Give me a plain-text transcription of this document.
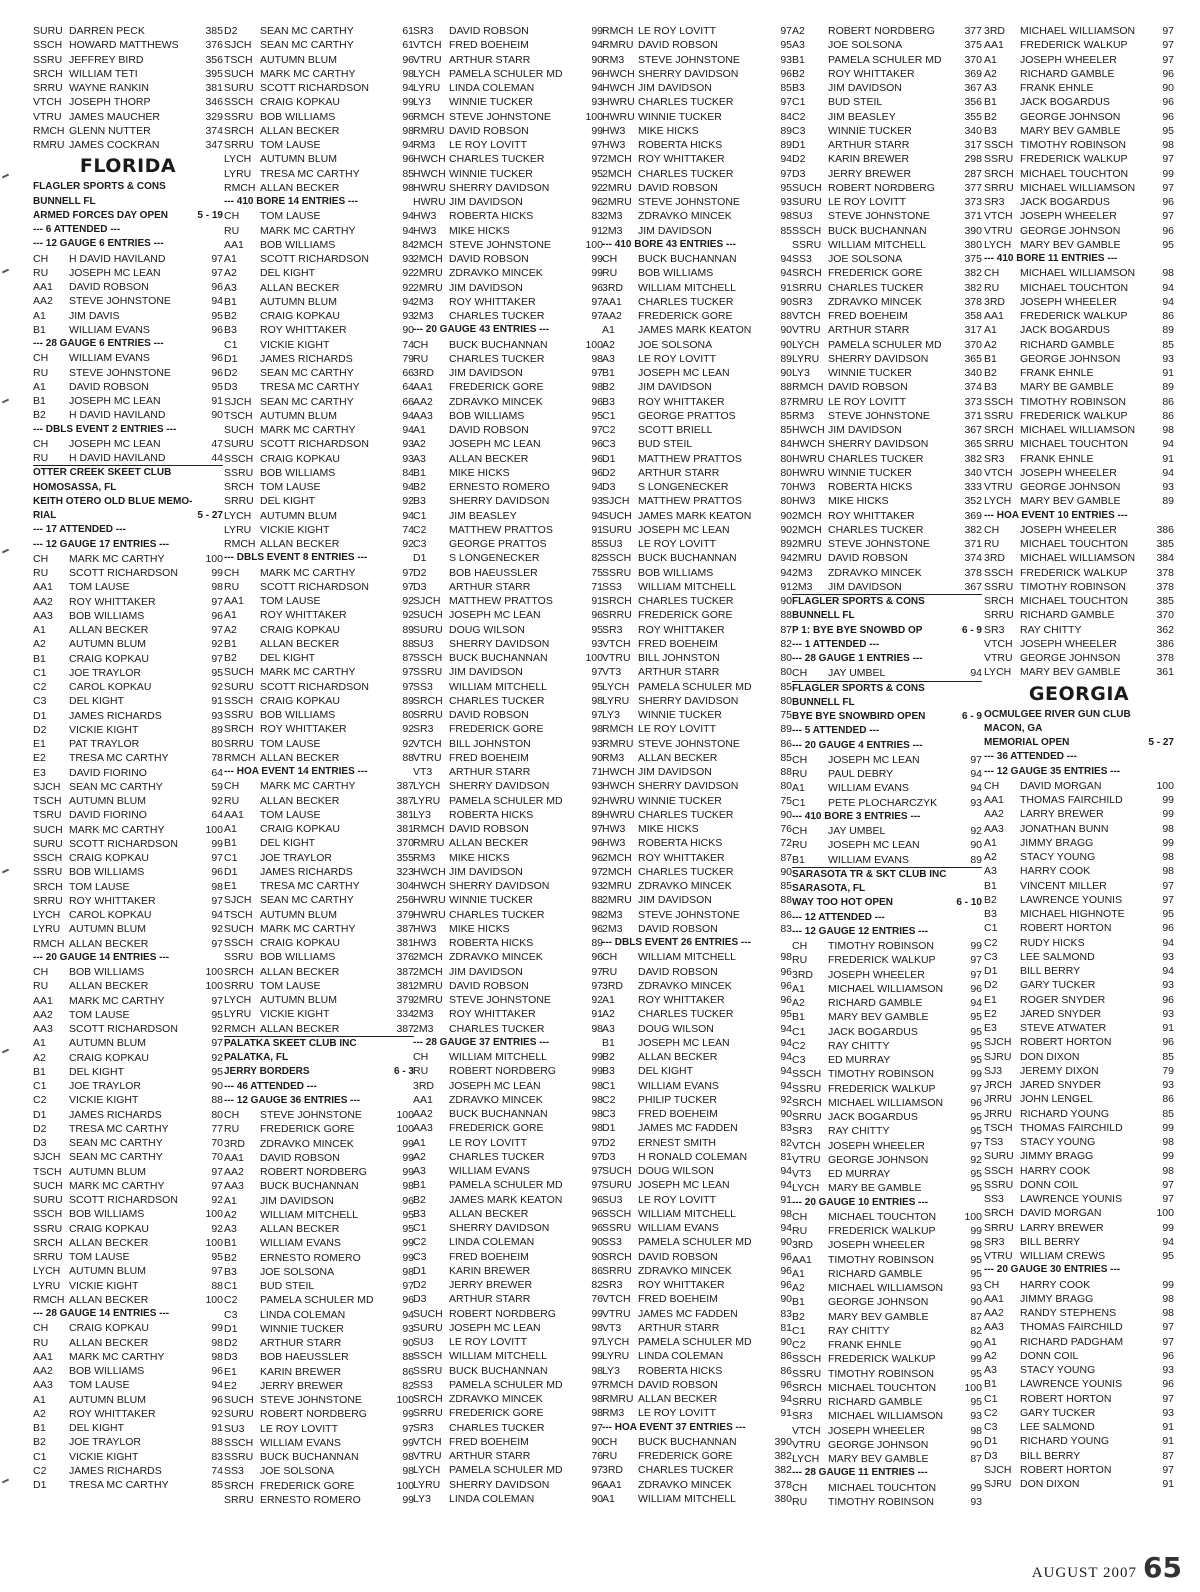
SURU DARREN PECK	385
SSCH HOWARD MATTHEWS	376
SSRU JEFFREY BIRD	356
SRCH WILLIAM TETI	395
SRRU WAYNE RANKIN	381
VTCH JOSEPH THORP	346
VTRU JAMES MAUCHER	329
RMCH GLENN NUTTER	374
RMRU JAMES COCKRAN	347
FLORIDA
FLAGLER SPORTS & CONS
BUNNELL FL
ARMED FORCES DAY OPEN	5 - 19
--- 6 ATTENDED ---
--- 12 GAUGE 6 ENTRIES ---
CH	H DAVID HAVILAND	97
RU	JOSEPH MC LEAN	97
AA1	DAVID ROBSON	96
AA2	STEVE JOHNSTONE	94
A1	JIM DAVIS	95
B1	WILLIAM EVANS	96
--- 28 GAUGE 6 ENTRIES ---
CH	WILLIAM EVANS	96
RU	STEVE JOHNSTONE	96
A1	DAVID ROBSON	95
B1	JOSEPH MC LEAN	91
B2	H DAVID HAVILAND	90
--- DBLS EVENT 2 ENTRIES ---
CH	JOSEPH MC LEAN	47
RU	H DAVID HAVILAND	44
OTTER CREEK SKEET CLUB
HOMOSASSA, FL
KEITH OTERO OLD BLUE MEMO-
RIAL	5 - 27
--- 17 ATTENDED ---
--- 12 GAUGE 17 ENTRIES ---
CH	MARK MC CARTHY	100
RU	SCOTT RICHARDSON	99
AA1	TOM LAUSE	98
AA2	ROY WHITTAKER	97
AA3	BOB WILLIAMS	96
A1	ALLAN BECKER	97
A2	AUTUMN BLUM	92
B1	CRAIG KOPKAU	97
C1	JOE TRAYLOR	95
C2	CAROL KOPKAU	92
C3	DEL KIGHT	91
D1	JAMES RICHARDS	93
D2	VICKIE KIGHT	89
E1	PAT TRAYLOR	80
E2	TRESA MC CARTHY	78
E3	DAVID FIORINO	64
SJCH SEAN MC CARTHY	59
TSCH AUTUMN BLUM	92
TSRU DAVID FIORINO	64
SUCH MARK MC CARTHY	100
SURU SCOTT RICHARDSON	99
SSCH CRAIG KOPKAU	97
SSRU BOB WILLIAMS	96
SRCH TOM LAUSE	98
SRRU ROY WHITTAKER	97
LYCH CAROL KOPKAU	94
LYRU AUTUMN BLUM	92
RMCH ALLAN BECKER	97
--- 20 GAUGE 14 ENTRIES ---
CH	BOB WILLIAMS	100
RU	ALLAN BECKER	100
AA1	MARK MC CARTHY	97
AA2	TOM LAUSE	95
AA3	SCOTT RICHARDSON	92
A1	AUTUMN BLUM	97
A2	CRAIG KOPKAU	92
B1	DEL KIGHT	95
C1	JOE TRAYLOR	90
C2	VICKIE KIGHT	88
D1	JAMES RICHARDS	80
D2	TRESA MC CARTHY	77
D3	SEAN MC CARTHY	70
SJCH SEAN MC CARTHY	70
TSCH AUTUMN BLUM	97
SUCH MARK MC CARTHY	97
SURU SCOTT RICHARDSON	92
SSCH BOB WILLIAMS	100
SSRU CRAIG KOPKAU	92
SRCH ALLAN BECKER	100
SRRU TOM LAUSE	95
LYCH AUTUMN BLUM	97
LYRU VICKIE KIGHT	88
RMCH ALLAN BECKER	100
--- 28 GAUGE 14 ENTRIES ---
CH	CRAIG KOPKAU	99
RU	ALLAN BECKER	98
AA1	MARK MC CARTHY	98
AA2	BOB WILLIAMS	96
AA3	TOM LAUSE	94
A1	AUTUMN BLUM	96
A2	ROY WHITTAKER	92
B1	DEL KIGHT	91
B2	JOE TRAYLOR	88
C1	VICKIE KIGHT	83
C2	JAMES RICHARDS	74
D1	TRESA MC CARTHY	85
D2	SEAN MC CARTHY	61
SJCH SEAN MC CARTHY	61
TSCH AUTUMN BLUM	96
SUCH MARK MC CARTHY	98
SURU SCOTT RICHARDSON	94
SSCH CRAIG KOPKAU	99
SSRU BOB WILLIAMS	96
SRCH ALLAN BECKER	98
SRRU TOM LAUSE	94
LYCH AUTUMN BLUM	96
LYRU TRESA MC CARTHY	85
RMCH ALLAN BECKER	98
--- 410 BORE 14 ENTRIES ---
CH	TOM LAUSE	94
RU	MARK MC CARTHY	94
AA1	BOB WILLIAMS	84
A1	SCOTT RICHARDSON	93
A2	DEL KIGHT	92
A3	ALLAN BECKER	92
B1	AUTUMN BLUM	94
B2	CRAIG KOPKAU	93
B3	ROY WHITTAKER	90
C1	VICKIE KIGHT	74
D1	JAMES RICHARDS	79
D2	SEAN MC CARTHY	66
D3	TRESA MC CARTHY	64
SJCH SEAN MC CARTHY	66
TSCH AUTUMN BLUM	94
SUCH MARK MC CARTHY	94
SURU SCOTT RICHARDSON	93
SSCH CRAIG KOPKAU	93
SSRU BOB WILLIAMS	84
SRCH TOM LAUSE	94
SRRU DEL KIGHT	92
LYCH AUTUMN BLUM	94
LYRU VICKIE KIGHT	74
RMCH ALLAN BECKER	92
--- DBLS EVENT 8 ENTRIES ---
CH	MARK MC CARTHY	97
RU	SCOTT RICHARDSON	97
AA1	TOM LAUSE	92
A1	ROY WHITTAKER	92
A2	CRAIG KOPKAU	89
B1	ALLAN BECKER	88
B2	DEL KIGHT	87
SUCH MARK MC CARTHY	97
SURU SCOTT RICHARDSON	97
SSCH CRAIG KOPKAU	89
SSRU BOB WILLIAMS	80
SRCH ROY WHITTAKER	92
SRRU TOM LAUSE	92
RMCH ALLAN BECKER	88
--- HOA EVENT 14 ENTRIES ---
CH	MARK MC CARTHY	387
RU	ALLAN BECKER	387
AA1	TOM LAUSE	381
A1	CRAIG KOPKAU	381
B1	DEL KIGHT	370
C1	JOE TRAYLOR	355
D1	JAMES RICHARDS	323
E1	TRESA MC CARTHY	304
SJCH SEAN MC CARTHY	256
TSCH AUTUMN BLUM	379
SUCH MARK MC CARTHY	387
SSCH CRAIG KOPKAU	381
SSRU BOB WILLIAMS	376
SRCH ALLAN BECKER	387
SRRU TOM LAUSE	381
LYCH AUTUMN BLUM	379
LYRU VICKIE KIGHT	334
RMCH ALLAN BECKER	387
PALATKA SKEET CLUB INC
PALATKA, FL
JERRY BORDERS	6 - 3
--- 46 ATTENDED ---
--- 12 GAUGE 36 ENTRIES ---
CH	STEVE JOHNSTONE	100
RU	FREDERICK GORE	100
3RD	ZDRAVKO MINCEK	99
AA1	DAVID ROBSON	99
AA2	ROBERT NORDBERG	99
AA3	BUCK BUCHANNAN	98
A1	JIM DAVIDSON	96
A2	WILLIAM MITCHELL	95
A3	ALLAN BECKER	95
B1	WILLIAM EVANS	99
B2	ERNESTO ROMERO	99
B3	JOE SOLSONA	98
C1	BUD STEIL	97
C2	PAMELA SCHULER MD	96
C3	LINDA COLEMAN	94
D1	WINNIE TUCKER	93
D2	ARTHUR STARR	90
D3	BOB HAEUSSLER	88
E1	KARIN BREWER	86
E2	JERRY BREWER	82
SUCH STEVE JOHNSTONE	100
SURU ROBERT NORDBERG	99
SU3	LE ROY LOVITT	97
SSCH WILLIAM EVANS	99
SSRU BUCK BUCHANNAN	98
SS3	JOE SOLSONA	98
SRCH FREDERICK GORE	100
SRRU ERNESTO ROMERO	99
SR3	DAVID ROBSON	99
VTCH FRED BOEHEIM	94
VTRU ARTHUR STARR	90
LYCH PAMELA SCHULER MD	96
LYRU LINDA COLEMAN	94
LY3	WINNIE TUCKER	93
RMCH STEVE JOHNSTONE	100
RMRU DAVID ROBSON	99
RM3	LE ROY LOVITT	97
HWCH CHARLES TUCKER	97
HWCH WINNIE TUCKER	95
HWRU SHERRY DAVIDSON	92
HWRU JIM DAVIDSON	96
HW3	ROBERTA HICKS	83
HW3	MIKE HICKS	91
2MCH STEVE JOHNSTONE	100
2MCH DAVID ROBSON	99
2MRU ZDRAVKO MINCEK	99
2MRU JIM DAVIDSON	96
2M3	ROY WHITTAKER	97
2M3	CHARLES TUCKER	97
--- 20 GAUGE 43 ENTRIES ---
CH	BUCK BUCHANNAN	100
RU	CHARLES TUCKER	98
3RD	JIM DAVIDSON	97
AA1	FREDERICK GORE	98
AA2	ZDRAVKO MINCEK	96
AA3	BOB WILLIAMS	95
A1	DAVID ROBSON	97
A2	JOSEPH MC LEAN	96
A3	ALLAN BECKER	96
B1	MIKE HICKS	96
B2	ERNESTO ROMERO	94
B3	SHERRY DAVIDSON	93
C1	JIM BEASLEY	94
C2	MATTHEW PRATTOS	91
C3	GEORGE PRATTOS	85
D1	S LONGENECKER	82
D2	BOB HAEUSSLER	75
D3	ARTHUR STARR	71
SJCH MATTHEW PRATTOS	91
SUCH JOSEPH MC LEAN	96
SURU DOUG WILSON	95
SU3	SHERRY DAVIDSON	93
SSCH BUCK BUCHANNAN	100
SSRU JIM DAVIDSON	97
SS3	WILLIAM MITCHELL	95
SRCH CHARLES TUCKER	98
SRRU DAVID ROBSON	97
SR3	FREDERICK GORE	98
VTCH BILL JOHNSTON	93
VTRU FRED BOEHEIM	90
VT3	ARTHUR STARR	71
LYCH SHERRY DAVIDSON	93
LYRU PAMELA SCHULER MD	92
LY3	ROBERTA HICKS	89
RMCH DAVID ROBSON	97
RMRU ALLAN BECKER	96
RM3	MIKE HICKS	96
HWCH JIM DAVIDSON	97
HWCH SHERRY DAVIDSON	93
HWRU WINNIE TUCKER	88
HWRU CHARLES TUCKER	98
HW3	MIKE HICKS	96
HW3	ROBERTA HICKS	89
2MCH ZDRAVKO MINCEK	96
2MCH JIM DAVIDSON	97
2MRU DAVID ROBSON	97
2MRU STEVE JOHNSTONE	92
2M3	ROY WHITTAKER	91
2M3	CHARLES TUCKER	98
--- 28 GAUGE 37 ENTRIES ---
CH	WILLIAM MITCHELL	99
RU	ROBERT NORDBERG	99
3RD	JOSEPH MC LEAN	98
AA1	ZDRAVKO MINCEK	98
AA2	BUCK BUCHANNAN	98
AA3	FREDERICK GORE	98
A1	LE ROY LOVITT	97
A2	CHARLES TUCKER	97
A3	WILLIAM EVANS	97
B1	PAMELA SCHULER MD	97
B2	JAMES MARK KEATON	96
B3	ALLAN BECKER	96
C1	SHERRY DAVIDSON	96
C2	LINDA COLEMAN	90
C3	FRED BOEHEIM	90
D1	KARIN BREWER	86
D2	JERRY BREWER	82
D3	ARTHUR STARR	76
SUCH ROBERT NORDBERG	99
SURU JOSEPH MC LEAN	98
SU3	LE ROY LOVITT	97
SSCH WILLIAM MITCHELL	99
SSRU BUCK BUCHANNAN	98
SS3	PAMELA SCHULER MD	97
SRCH ZDRAVKO MINCEK	98
SRRU FREDERICK GORE	98
SR3	CHARLES TUCKER	97
VTCH FRED BOEHEIM	90
VTRU ARTHUR STARR	76
LYCH PAMELA SCHULER MD	97
LYRU SHERRY DAVIDSON	96
LY3	LINDA COLEMAN	90
RMCH LE ROY LOVITT	97
RMRU DAVID ROBSON	95
RM3	STEVE JOHNSTONE	93
HWCH SHERRY DAVIDSON	96
HWCH JIM DAVIDSON	85
HWRU CHARLES TUCKER	97
HWRU WINNIE TUCKER	84
HW3	MIKE HICKS	89
HW3	ROBERTA HICKS	89
2MCH ROY WHITTAKER	94
2MCH CHARLES TUCKER	97
2MRU DAVID ROBSON	95
2MRU STEVE JOHNSTONE	93
2M3	ZDRAVKO MINCEK	98
2M3	JIM DAVIDSON	85
--- 410 BORE 43 ENTRIES ---
CH	BUCK BUCHANNAN	94
RU	BOB WILLIAMS	94
3RD	WILLIAM MITCHELL	91
AA1	CHARLES TUCKER	90
AA2	FREDERICK GORE	88
A1	JAMES MARK KEATON	90
A2	JOE SOLSONA	90
A3	LE ROY LOVITT	89
B1	JOSEPH MC LEAN	90
B2	JIM DAVIDSON	88
B3	ROY WHITTAKER	87
C1	GEORGE PRATTOS	85
C2	SCOTT BRIELL	85
C3	BUD STEIL	84
D1	MATTHEW PRATTOS	80
D2	ARTHUR STARR	80
D3	S LONGENECKER	70
SJCH MATTHEW PRATTOS	80
SUCH JAMES MARK KEATON	90
SURU JOSEPH MC LEAN	90
SU3	LE ROY LOVITT	89
SSCH BUCK BUCHANNAN	94
SSRU BOB WILLIAMS	94
SS3	WILLIAM MITCHELL	91
SRCH CHARLES TUCKER	90
SRRU FREDERICK GORE	88
SR3	ROY WHITTAKER	87
VTCH FRED BOEHEIM	82
VTRU BILL JOHNSTON	80
VT3	ARTHUR STARR	80
LYCH PAMELA SCHULER MD	85
LYRU SHERRY DAVIDSON	80
LY3	WINNIE TUCKER	75
RMCH LE ROY LOVITT	89
RMRU STEVE JOHNSTONE	86
RM3	ALLAN BECKER	85
HWCH JIM DAVIDSON	88
HWCH SHERRY DAVIDSON	80
HWRU WINNIE TUCKER	75
HWRU CHARLES TUCKER	90
HW3	MIKE HICKS	76
HW3	ROBERTA HICKS	72
2MCH ROY WHITTAKER	87
2MCH CHARLES TUCKER	90
2MRU ZDRAVKO MINCEK	85
2MRU JIM DAVIDSON	88
2M3	STEVE JOHNSTONE	86
2M3	DAVID ROBSON	83
--- DBLS EVENT 26 ENTRIES ---
CH	WILLIAM MITCHELL	98
RU	DAVID ROBSON	96
3RD	ZDRAVKO MINCEK	96
A1	ROY WHITTAKER	96
A2	CHARLES TUCKER	95
A3	DOUG WILSON	94
B1	JOSEPH MC LEAN	94
B2	ALLAN BECKER	94
B3	DEL KIGHT	94
C1	WILLIAM EVANS	94
C2	PHILIP TUCKER	92
C3	FRED BOEHEIM	90
D1	JAMES MC FADDEN	83
D2	ERNEST SMITH	82
D3	H RONALD COLEMAN	81
SUCH DOUG WILSON	94
SURU JOSEPH MC LEAN	94
SU3	LE ROY LOVITT	91
SSCH WILLIAM MITCHELL	98
SSRU WILLIAM EVANS	94
SS3	PAMELA SCHULER MD	90
SRCH DAVID ROBSON	96
SRRU ZDRAVKO MINCEK	96
SR3	ROY WHITTAKER	96
VTCH FRED BOEHEIM	90
VTRU JAMES MC FADDEN	83
VT3	ARTHUR STARR	81
LYCH PAMELA SCHULER MD	90
LYRU LINDA COLEMAN	86
LY3	ROBERTA HICKS	86
RMCH DAVID ROBSON	96
RMRU ALLAN BECKER	94
RM3	LE ROY LOVITT	91
--- HOA EVENT 37 ENTRIES ---
CH	BUCK BUCHANNAN	390
RU	FREDERICK GORE	382
3RD	CHARLES TUCKER	382
AA1	ZDRAVKO MINCEK	378
A1	WILLIAM MITCHELL	380
A2	ROBERT NORDBERG	377
A3	JOE SOLSONA	375
B1	PAMELA SCHULER MD	370
B2	ROY WHITTAKER	369
B3	JIM DAVIDSON	367
C1	BUD STEIL	356
C2	JIM BEASLEY	355
C3	WINNIE TUCKER	340
D1	ARTHUR STARR	317
D2	KARIN BREWER	298
D3	JERRY BREWER	287
SUCH ROBERT NORDBERG	377
SURU LE ROY LOVITT	373
SU3	STEVE JOHNSTONE	371
SSCH BUCK BUCHANNAN	390
SSRU WILLIAM MITCHELL	380
SS3	JOE SOLSONA	375
SRCH FREDERICK GORE	382
SRRU CHARLES TUCKER	382
SR3	ZDRAVKO MINCEK	378
VTCH FRED BOEHEIM	358
VTRU ARTHUR STARR	317
LYCH PAMELA SCHULER MD	370
LYRU SHERRY DAVIDSON	365
LY3	WINNIE TUCKER	340
RMCH DAVID ROBSON	374
RMRU LE ROY LOVITT	373
RM3	STEVE JOHNSTONE	371
HWCH JIM DAVIDSON	367
HWCH SHERRY DAVIDSON	365
HWRU CHARLES TUCKER	382
HWRU WINNIE TUCKER	340
HW3	ROBERTA HICKS	333
HW3	MIKE HICKS	352
2MCH ROY WHITTAKER	369
2MCH CHARLES TUCKER	382
2MRU STEVE JOHNSTONE	371
2MRU DAVID ROBSON	374
2M3	ZDRAVKO MINCEK	378
2M3	JIM DAVIDSON	367
FLAGLER SPORTS & CONS
BUNNELL FL
P 1: BYE BYE SNOWBD OP	6 - 9
--- 1 ATTENDED ---
--- 28 GAUGE 1 ENTRIES ---
CH	JAY UMBEL	94
FLAGLER SPORTS & CONS
BUNNELL FL
BYE BYE SNOWBIRD OPEN	6 - 9
--- 5 ATTENDED ---
--- 20 GAUGE 4 ENTRIES ---
CH	JOSEPH MC LEAN	97
RU	PAUL DEBRY	94
A1	WILLIAM EVANS	94
C1	PETE PLOCHARCZYK	93
--- 410 BORE 3 ENTRIES ---
CH	JAY UMBEL	92
RU	JOSEPH MC LEAN	90
B1	WILLIAM EVANS	89
SARASOTA TR & SKT CLUB INC
SARASOTA, FL
WAY TOO HOT OPEN	6 - 10
--- 12 ATTENDED ---
--- 12 GAUGE 12 ENTRIES ---
CH	TIMOTHY ROBINSON	99
RU	FREDERICK WALKUP	97
3RD	JOSEPH WHEELER	97
A1	MICHAEL WILLIAMSON	96
A2	RICHARD GAMBLE	94
B1	MARY BEV GAMBLE	95
C1	JACK BOGARDUS	95
C2	RAY CHITTY	95
C3	ED MURRAY	95
SSCH TIMOTHY ROBINSON	99
SSRU FREDERICK WALKUP	97
SRCH MICHAEL WILLIAMSON	96
SRRU JACK BOGARDUS	95
SR3	RAY CHITTY	95
VTCH JOSEPH WHEELER	97
VTRU GEORGE JOHNSON	92
VT3	ED MURRAY	95
LYCH MARY BE GAMBLE	95
--- 20 GAUGE 10 ENTRIES ---
CH	MICHAEL TOUCHTON	100
RU	FREDERICK WALKUP	99
3RD	JOSEPH WHEELER	98
AA1	TIMOTHY ROBINSON	95
A1	RICHARD GAMBLE	95
A2	MICHAEL WILLIAMSON	93
B1	GEORGE JOHNSON	90
B2	MARY BEV GAMBLE	87
C1	RAY CHITTY	82
C2	FRANK EHNLE	90
SSCH FREDERICK WALKUP	99
SSRU TIMOTHY ROBINSON	95
SRCH MICHAEL TOUCHTON	100
SRRU RICHARD GAMBLE	95
SR3	MICHAEL WILLIAMSON	93
VTCH JOSEPH WHEELER	98
VTRU GEORGE JOHNSON	90
LYCH MARY BEV GAMBLE	87
--- 28 GAUGE 11 ENTRIES ---
CH	MICHAEL TOUCHTON	99
RU	TIMOTHY ROBINSON	93
3RD	MICHAEL WILLIAMSON	97
AA1	FREDERICK WALKUP	97
A1	JOSEPH WHEELER	97
A2	RICHARD GAMBLE	96
A3	FRANK EHNLE	90
B1	JACK BOGARDUS	96
B2	GEORGE JOHNSON	96
B3	MARY BEV GAMBLE	95
SSCH TIMOTHY ROBINSON	98
SSRU FREDERICK WALKUP	97
SRCH MICHAEL TOUCHTON	99
SRRU MICHAEL WILLIAMSON	97
SR3	JACK BOGARDUS	96
VTCH JOSEPH WHEELER	97
VTRU GEORGE JOHNSON	96
LYCH MARY BEV GAMBLE	95
--- 410 BORE 11 ENTRIES ---
CH	MICHAEL WILLIAMSON	98
RU	MICHAEL TOUCHTON	94
3RD	JOSEPH WHEELER	94
AA1	FREDERICK WALKUP	86
A1	JACK BOGARDUS	89
A2	RICHARD GAMBLE	85
B1	GEORGE JOHNSON	93
B2	FRANK EHNLE	91
B3	MARY BE GAMBLE	89
SSCH TIMOTHY ROBINSON	86
SSRU FREDERICK WALKUP	86
SRCH MICHAEL WILLIAMSON	98
SRRU MICHAEL TOUCHTON	94
SR3	FRANK EHNLE	91
VTCH JOSEPH WHEELER	94
VTRU GEORGE JOHNSON	93
LYCH MARY BEV GAMBLE	89
--- HOA EVENT 10 ENTRIES ---
CH	JOSEPH WHEELER	386
RU	MICHAEL TOUCHTON	385
3RD	MICHAEL WILLIAMSON	384
SSCH FREDERICK WALKUP	378
SSRU TIMOTHY ROBINSON	378
SRCH MICHAEL TOUCHTON	385
SRRU RICHARD GAMBLE	370
SR3	RAY CHITTY	362
VTCH JOSEPH WHEELER	386
VTRU GEORGE JOHNSON	378
LYCH MARY BEV GAMBLE	361
GEORGIA
OCMULGEE RIVER GUN CLUB
MACON, GA
MEMORIAL OPEN	5 - 27
--- 36 ATTENDED ---
--- 12 GAUGE 35 ENTRIES ---
CH	DAVID MORGAN	100
AA1	THOMAS FAIRCHILD	99
AA2	LARRY BREWER	99
AA3	JONATHAN BUNN	98
A1	JIMMY BRAGG	99
A2	STACY YOUNG	98
A3	HARRY COOK	98
B1	VINCENT MILLER	97
B2	LAWRENCE YOUNIS	97
B3	MICHAEL HIGHNOTE	95
C1	ROBERT HORTON	96
C2	RUDY HICKS	94
C3	LEE SALMOND	93
D1	BILL BERRY	94
D2	GARY TUCKER	93
E1	ROGER SNYDER	96
E2	JARED SNYDER	93
E3	STEVE ATWATER	91
SJCH ROBERT HORTON	96
SJRU DON DIXON	85
SJ3	JEREMY DIXON	79
JRCH JARED SNYDER	93
JRRU JOHN LENGEL	86
JRRU RICHARD YOUNG	85
TSCH THOMAS FAIRCHILD	99
TS3	STACY YOUNG	98
SURU JIMMY BRAGG	99
SSCH HARRY COOK	98
SSRU DONN COIL	97
SS3	LAWRENCE YOUNIS	97
SRCH DAVID MORGAN	100
SRRU LARRY BREWER	99
SR3	BILL BERRY	94
VTRU WILLIAM CREWS	95
--- 20 GAUGE 30 ENTRIES ---
CH	HARRY COOK	99
AA1	JIMMY BRAGG	98
AA2	RANDY STEPHENS	98
AA3	THOMAS FAIRCHILD	97
A1	RICHARD PADGHAM	97
A2	DONN COIL	96
A3	STACY YOUNG	93
B1	LAWRENCE YOUNIS	96
C1	ROBERT HORTON	97
C2	GARY TUCKER	93
C3	LEE SALMOND	91
D1	RICHARD YOUNG	91
D3	BILL BERRY	87
SJCH ROBERT HORTON	97
SJRU DON DIXON	91
AUGUST 2007 65
